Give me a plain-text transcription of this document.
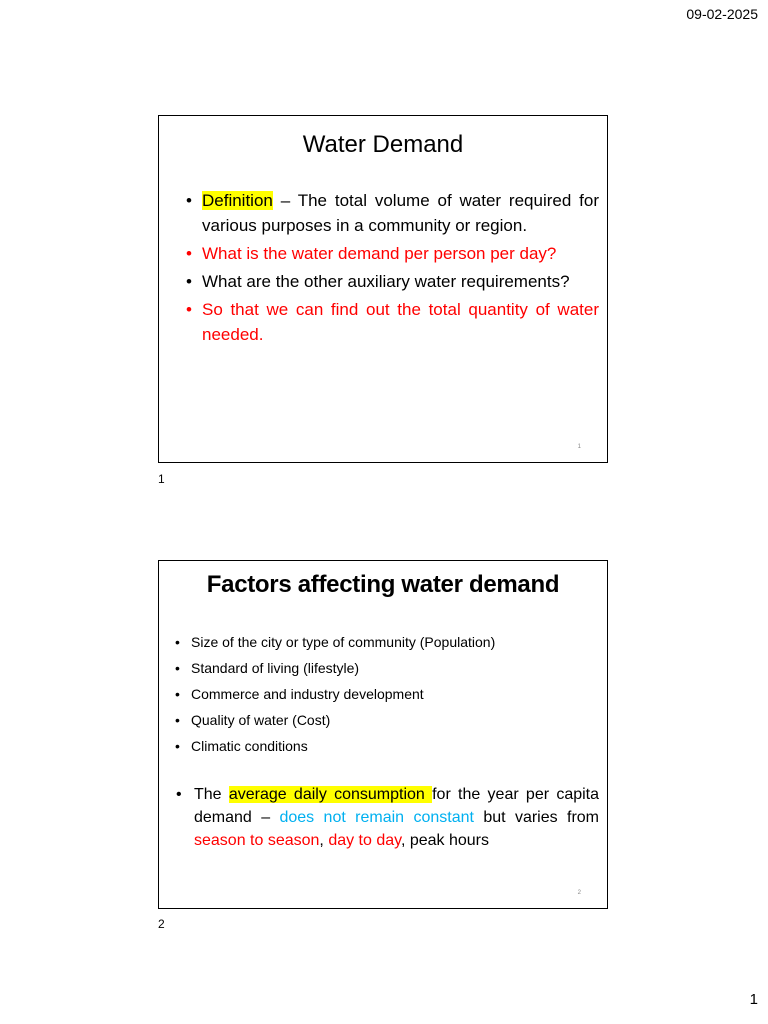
09-02-2025
Water Demand
• Definition – The total volume of water required for various purposes in a community or region.
• What is the water demand per person per day?
• What are the other auxiliary water requirements?
• So that we can find out the total quantity of water needed.
1
1
Factors affecting water demand
• Size of the city or type of community (Population)
• Standard of living (lifestyle)
• Commerce and industry development
• Quality of water (Cost)
• Climatic conditions
• The average daily consumption for the year per capita demand – does not remain constant but varies from season to season, day to day, peak hours
2
2
1
